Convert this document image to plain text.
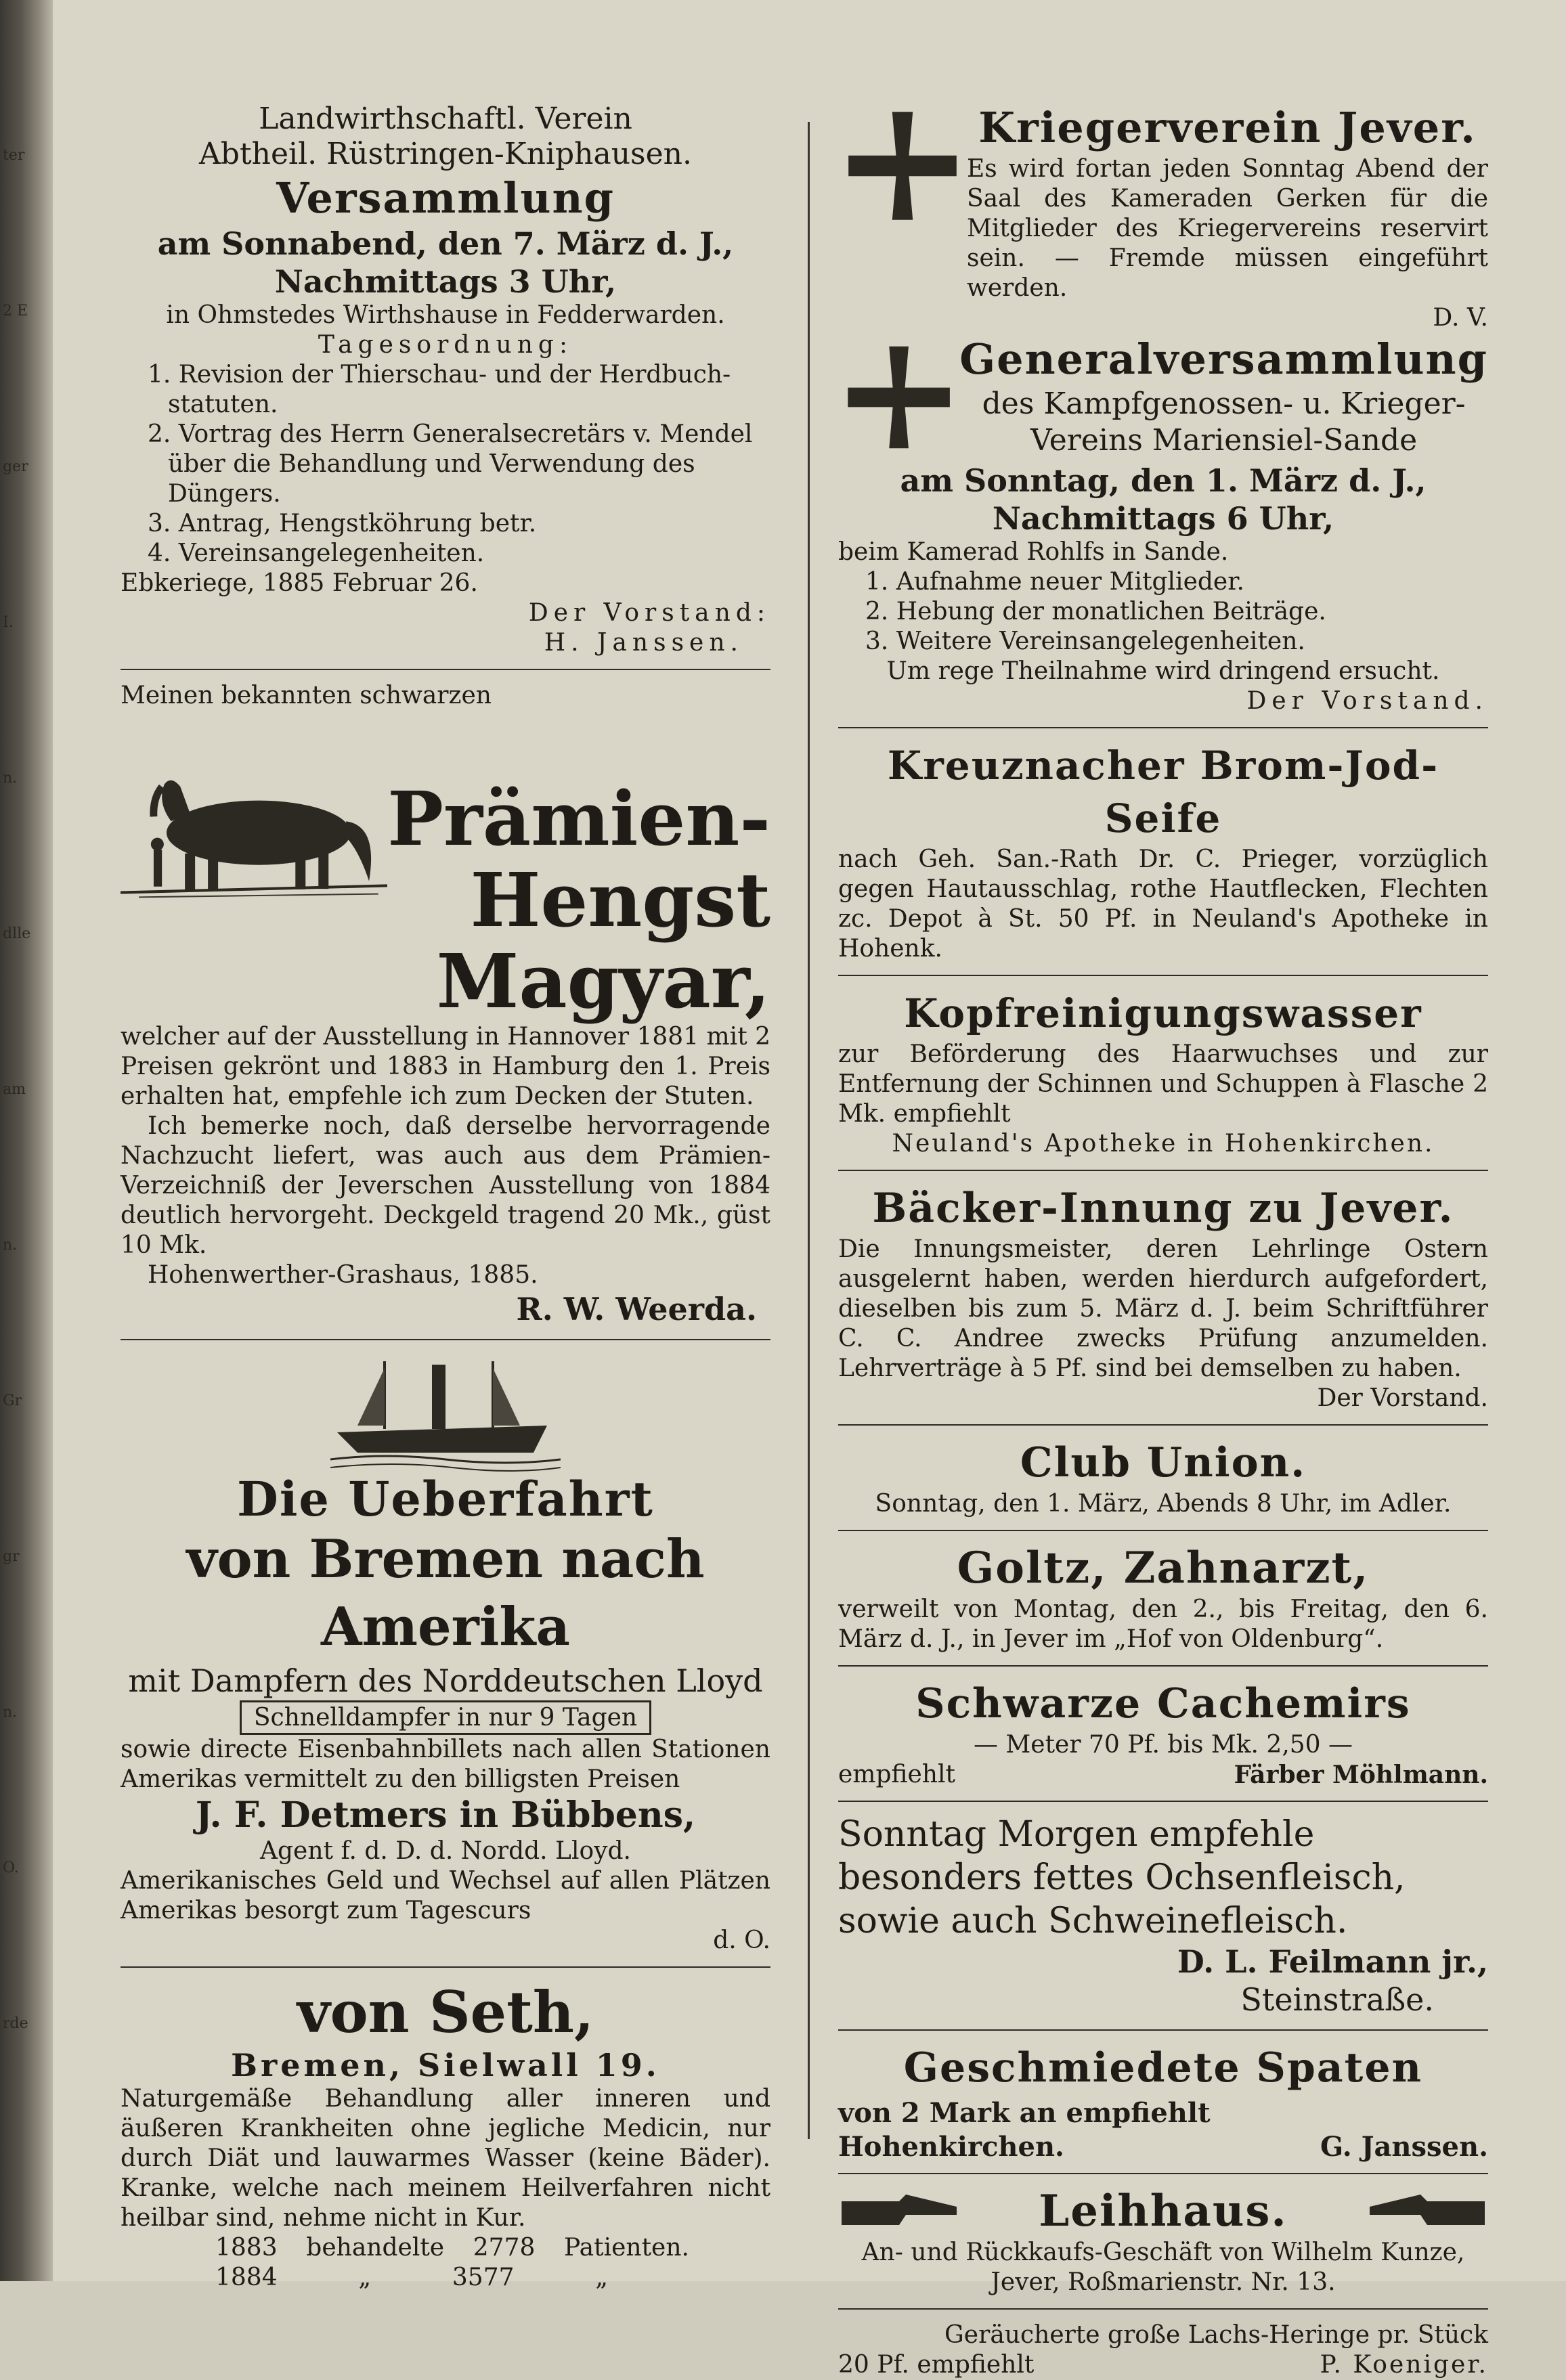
ter
2 E
ger
I.
n.
dlle
am
n.
Gr
gr
n.
O.
rde
Landwirthschaftl. Verein
Abtheil. Rüstringen-Kniphausen.
Versammlung
am Sonnabend, den 7. März d. J.,
Nachmittags 3 Uhr,
in Ohmstedes Wirthshause in Fedderwarden.
Tagesordnung:
1. Revision der Thierschau- und der Herdbuch-statuten.
2. Vortrag des Herrn Generalsecretärs v. Mendel über die Behandlung und Verwendung des Düngers.
3. Antrag, Hengstköhrung betr.
4. Vereinsangelegenheiten.
Ebkeriege, 1885 Februar 26.
Der Vorstand:
H. Janssen.
Meinen bekannten schwarzen
Prämien-
Hengst
Magyar,
welcher auf der Ausstellung in Hannover 1881 mit 2 Preisen gekrönt und 1883 in Hamburg den 1. Preis erhalten hat, empfehle ich zum Decken der Stuten.
Ich bemerke noch, daß derselbe hervorragende Nachzucht liefert, was auch aus dem Prämien-Verzeichniß der Jeverschen Ausstellung von 1884 deutlich hervorgeht. Deckgeld tragend 20 Mk., güst 10 Mk.
Hohenwerther-Grashaus, 1885.
R. W. Weerda.
Die Ueberfahrt
von Bremen nach Amerika
mit Dampfern des Norddeutschen Lloyd
Schnelldampfer in nur 9 Tagen
sowie directe Eisenbahnbillets nach allen Stationen Amerikas vermittelt zu den billigsten Preisen
J. F. Detmers in Bübbens,
Agent f. d. D. d. Nordd. Lloyd.
Amerikanisches Geld und Wechsel auf allen Plätzen Amerikas besorgt zum Tagescurs
d. O.
von Seth,
Bremen, Sielwall 19.
Naturgemäße Behandlung aller inneren und äußeren Krankheiten ohne jegliche Medicin, nur durch Diät und lauwarmes Wasser (keine Bäder). Kranke, welche nach meinem Heilverfahren nicht heilbar sind, nehme nicht in Kur.
1883 behandelte 2778 Patienten.
1884	„	3577	„
Kriegerverein Jever.
Es wird fortan jeden Sonntag Abend der Saal des Kameraden Gerken für die Mitglieder des Kriegervereins reservirt sein. — Fremde müssen eingeführt werden.
D. V.
Generalversammlung
des Kampfgenossen- u. Krieger-
Vereins Mariensiel-Sande
am Sonntag, den 1. März d. J.,
Nachmittags 6 Uhr,
beim Kamerad Rohlfs in Sande.
1. Aufnahme neuer Mitglieder.
2. Hebung der monatlichen Beiträge.
3. Weitere Vereinsangelegenheiten.
Um rege Theilnahme wird dringend ersucht.
Der Vorstand.
Kreuznacher Brom-Jod-Seife
nach Geh. San.-Rath Dr. C. Prieger, vorzüglich gegen Hautausschlag, rothe Hautflecken, Flechten zc. Depot à St. 50 Pf. in Neuland's Apotheke in Hohenk.
Kopfreinigungswasser
zur Beförderung des Haarwuchses und zur Entfernung der Schinnen und Schuppen à Flasche 2 Mk. empfiehlt
Neuland's Apotheke in Hohenkirchen.
Bäcker-Innung zu Jever.
Die Innungsmeister, deren Lehrlinge Ostern ausgelernt haben, werden hierdurch aufgefordert, dieselben bis zum 5. März d. J. beim Schriftführer C. C. Andree zwecks Prüfung anzumelden. Lehrverträge à 5 Pf. sind bei demselben zu haben.
Der Vorstand.
Club Union.
Sonntag, den 1. März, Abends 8 Uhr, im Adler.
Goltz, Zahnarzt,
verweilt von Montag, den 2., bis Freitag, den 6. März d. J., in Jever im „Hof von Oldenburg“.
Schwarze Cachemirs
— Meter 70 Pf. bis Mk. 2,50 —
empfiehlt	Färber Möhlmann.
Sonntag Morgen empfehle besonders fettes Ochsenfleisch, sowie auch Schweinefleisch.
D. L. Feilmann jr.,
Steinstraße.
Geschmiedete Spaten
von 2 Mark an empfiehlt
Hohenkirchen.	G. Janssen.
Leihhaus.
An- und Rückkaufs-Geschäft von Wilhelm Kunze, Jever, Roßmarienstr. Nr. 13.
Geräucherte große Lachs-Heringe pr. Stück
20 Pf. empfiehlt	P. Koeniger.
